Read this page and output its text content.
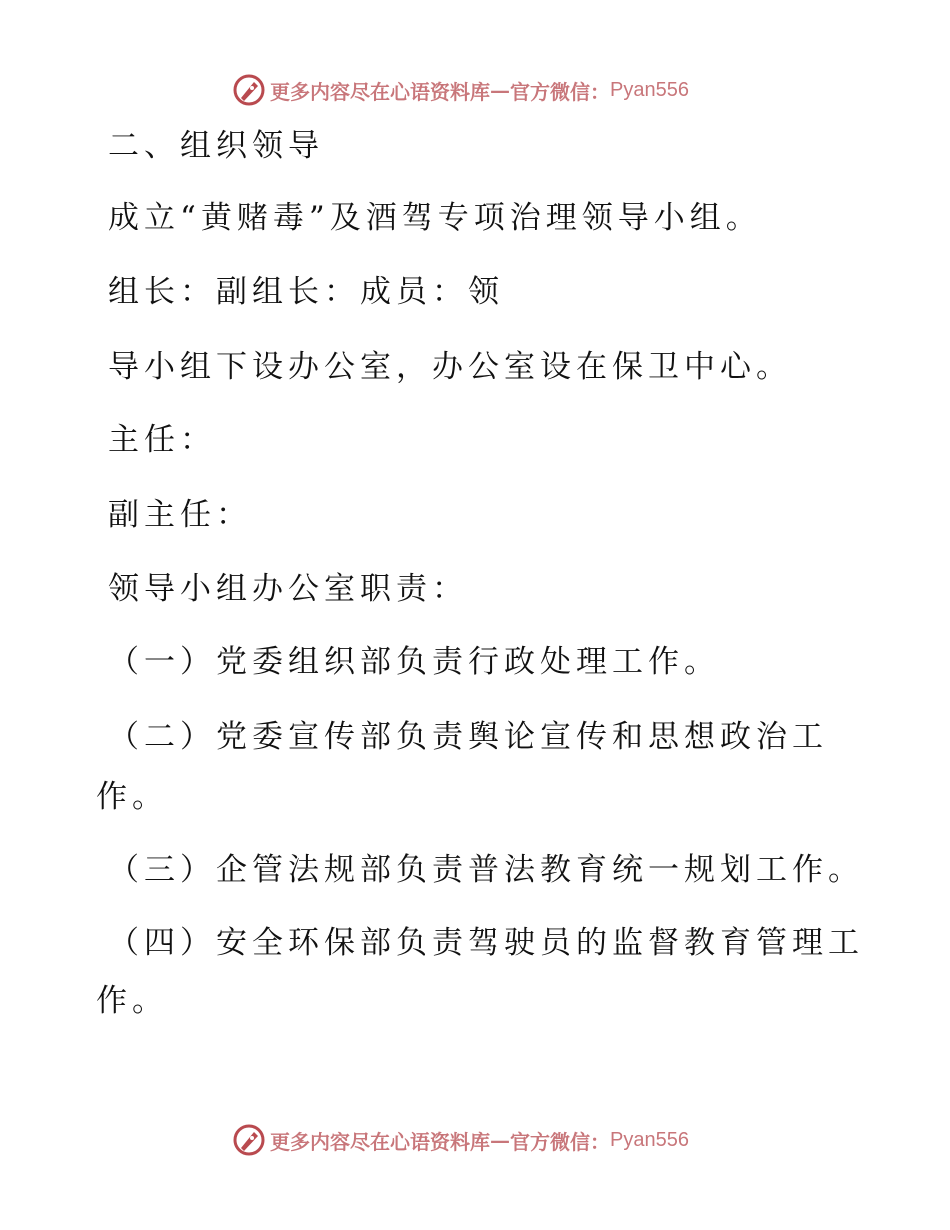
更多内容尽在心语资料库 — 官方微信： Pyan556
二、组织领导
成立“黄赌毒”及酒驾专项治理领导小组。
组长：副组长：成员：领
导小组下设办公室，办公室设在保卫中心。
主任：
副主任：
领导小组办公室职责：
（一）党委组织部负责行政处理工作。
（二）党委宣传部负责舆论宣传和思想政治工
作。
（三）企管法规部负责普法教育统一规划工作。
（四）安全环保部负责驾驶员的监督教育管理工
作。
更多内容尽在心语资料库 — 官方微信： Pyan556
